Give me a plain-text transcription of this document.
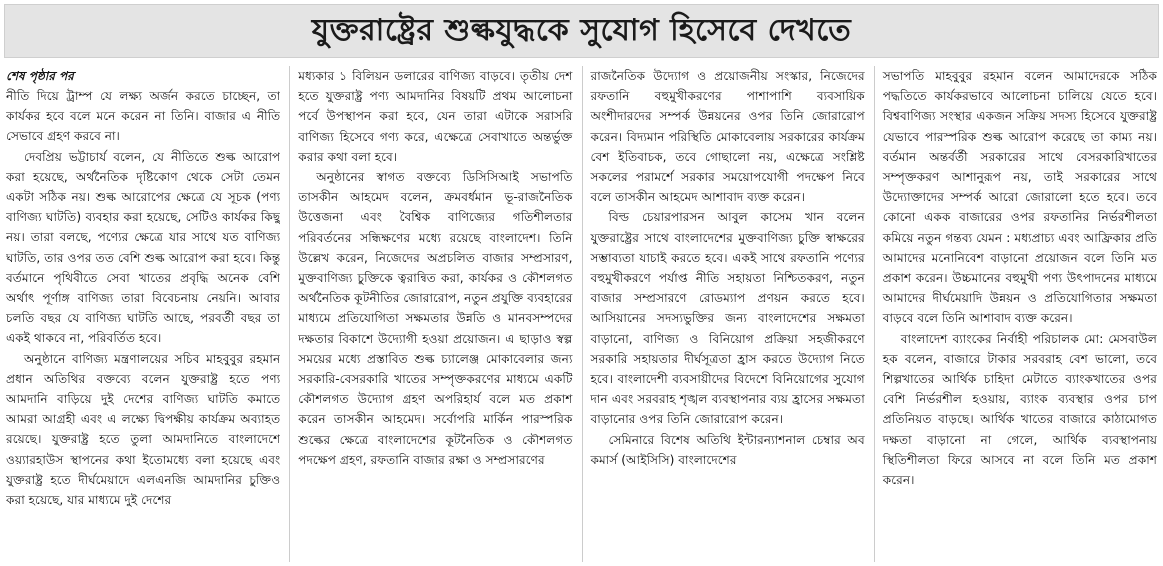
যুক্তরাষ্ট্রের শুল্কযুদ্ধকে সুযোগ হিসেবে দেখতে
শেষ পৃষ্ঠার পর

নীতি দিয়ে ট্রাম্প যে লক্ষ্য অর্জন করতে চাচ্ছেন, তা কার্যকর হবে বলে মনে করেন না তিনি। বাজার এ নীতি সেভাবে গ্রহণ করবে না।

দেবপ্রিয় ভট্টাচার্য বলেন, যে নীতিতে শুল্ক আরোপ করা হয়েছে, অর্থনৈতিক দৃষ্টিকোণ থেকে সেটা তেমন একটা সঠিক নয়। শুল্ক আরোপের ক্ষেত্রে যে সূচক (পণ্য বাণিজ্য ঘাটতি) ব্যবহার করা হয়েছে, সেটিও কার্যকর কিছু নয়। তারা বলছে, পণ্যের ক্ষেত্রে যার সাথে যত বাণিজ্য ঘাটতি, তার ওপর তত বেশি শুল্ক আরোপ করা হবে। কিন্তু বর্তমানে পৃথিবীতে সেবা খাতের প্রবৃদ্ধি অনেক বেশি অর্থাৎ পূর্ণাঙ্গ বাণিজ্য তারা বিবেচনায় নেয়নি। আবার চলতি বছর যে বাণিজ্য ঘাটতি আছে, পরবর্তী বছর তা একই থাকবে না, পরিবর্তিত হবে।

অনুষ্ঠানে বাণিজ্য মন্ত্রণালয়ের সচিব মাহবুবুর রহমান প্রধান অতিথির বক্তব্যে বলেন যুক্তরাষ্ট্র হতে পণ্য আমদানি বাড়িয়ে দুই দেশের বাণিজ্য ঘাটতি কমাতে আমরা আগ্রহী এবং এ লক্ষ্যে দ্বিপক্ষীয় কার্যক্রম অব্যাহত রয়েছে। যুক্তরাষ্ট্র হতে তুলা আমদানিতে বাংলাদেশে ওয়্যারহাউস স্থাপনের কথা ইতোমধ্যে বলা হয়েছে এবং যুক্তরাষ্ট্র হতে দীর্ঘমেয়াদে এলএনজি আমদানির চুক্তিও করা হয়েছে, যার মাধ্যমে দুই দেশের

মধ্যকার ১ বিলিয়ন ডলারের বাণিজ্য বাড়বে। তৃতীয় দেশ হতে যুক্তরাষ্ট্র পণ্য আমদানির বিষয়টি প্রথম আলোচনা পর্বে উপস্থাপন করা হবে, যেন তারা এটাকে সরাসরি বাণিজ্য হিসেবে গণ্য করে, এক্ষেত্রে সেবাখাতে অন্তর্ভুক্ত করার কথা বলা হবে।

অনুষ্ঠানের স্বাগত বক্তব্যে ডিসিসিআই সভাপতি তাসকীন আহমেদ বলেন, ক্রমবর্ধমান ভূ-রাজনৈতিক উত্তেজনা এবং বৈশ্বিক বাণিজ্যের গতিশীলতার পরিবর্তনের সন্ধিক্ষণের মধ্যে রয়েছে বাংলাদেশ। তিনি উল্লেখ করেন, নিজেদের অপ্রচলিত বাজার সম্প্রসারণ, মুক্তবাণিজ্য চুক্তিকে ত্বরান্বিত করা, কার্যকর ও কৌশলগত অর্থনৈতিক কূটনীতির জোরারোপ, নতুন প্রযুক্তি ব্যবহারের মাধ্যমে প্রতিযোগিতা সক্ষমতার উন্নতি ও মানবসম্পদের দক্ষতার বিকাশে উদ্যোগী হওয়া প্রয়োজন। এ ছাড়াও স্বল্প সময়ের মধ্যে প্রস্তাবিত শুল্ক চ্যালেঞ্জ মোকাবেলার জন্য সরকারি-বেসরকারি খাতের সম্পৃক্তকরণের মাধ্যমে একটি কৌশলগত উদ্যোগ গ্রহণ অপরিহার্য বলে মত প্রকাশ করেন তাসকীন আহমেদ। সর্বোপরি মার্কিন পারস্পরিক শুল্কের ক্ষেত্রে বাংলাদেশের কূটনৈতিক ও কৌশলগত পদক্ষেপ গ্রহণ, রফতানি বাজার রক্ষা ও সম্প্রসারণের

রাজনৈতিক উদ্যোগ ও প্রয়োজনীয় সংস্কার, নিজেদের রফতানি বহুমুখীকরণের পাশাপাশি ব্যবসায়িক অংশীদারদের সম্পর্ক উন্নয়নের ওপর তিনি জোরারোপ করেন। বিদ্যমান পরিস্থিতি মোকাবেলায় সরকারের কার্যক্রম বেশ ইতিবাচক, তবে গোছালো নয়, এক্ষেত্রে সংশ্লিষ্ট সকলের পরামর্শে সরকার সময়োপযোগী পদক্ষেপ নিবে বলে তাসকীন আহমেদ আশাবাদ ব্যক্ত করেন।

বিল্ড চেয়ারপারসন আবুল কাসেম খান বলেন যুক্তরাষ্ট্রের সাথে বাংলাদেশের মুক্তবাণিজ্য চুক্তি স্বাক্ষরের সম্ভাব্যতা যাচাই করতে হবে। একই সাথে রফতানি পণ্যের বহুমুখীকরণে পর্যাপ্ত নীতি সহায়তা নিশ্চিতকরণ, নতুন বাজার সম্প্রসারণে রোডম্যাপ প্রণয়ন করতে হবে। আসিয়ানের সদস্যভুক্তির জন্য বাংলাদেশের সক্ষমতা বাড়ানো, বাণিজ্য ও বিনিয়োগ প্রক্রিয়া সহজীকরণে সরকারি সহায়তার দীর্ঘসূত্রতা হ্রাস করতে উদ্যোগ নিতে হবে। বাংলাদেশী ব্যবসায়ীদের বিদেশে বিনিয়োগের সুযোগ দান এবং সরবরাহ শৃঙ্খল ব্যবস্থাপনার ব্যয় হ্রাসের সক্ষমতা বাড়ানোর ওপর তিনি জোরারোপ করেন।

সেমিনারে বিশেষ অতিথি ইন্টারন্যাশনাল চেম্বার অব কমার্স (আইসিসি) বাংলাদেশের

সভাপতি মাহবুবুর রহমান বলেন আমাদেরকে সঠিক পদ্ধতিতে কার্যকরভাবে আলোচনা চালিয়ে যেতে হবে। বিশ্ববাণিজ্য সংস্থার একজন সক্রিয় সদস্য হিসেবে যুক্তরাষ্ট্র যেভাবে পারস্পরিক শুল্ক আরোপ করেছে তা কাম্য নয়। বর্তমান অন্তর্বর্তী সরকারের সাথে বেসরকারিখাতের সম্পৃক্তকরণ আশানুরূপ নয়, তাই সরকারের সাথে উদ্যোক্তাদের সম্পর্ক আরো জোরালো হতে হবে। তবে কোনো একক বাজারের ওপর রফতানির নির্ভরশীলতা কমিয়ে নতুন গন্তব্য যেমন : মধ্যপ্রাচ্য এবং আফ্রিকার প্রতি আমাদের মনোনিবেশ বাড়ানো প্রয়োজন বলে তিনি মত প্রকাশ করেন। উচ্চমানের বহুমুখী পণ্য উৎপাদনের মাধ্যমে আমাদের দীর্ঘমেয়াদি উন্নয়ন ও প্রতিযোগিতার সক্ষমতা বাড়বে বলে তিনি আশাবাদ ব্যক্ত করেন।

বাংলাদেশ ব্যাংকের নির্বাহী পরিচালক মো: মেসবাউল হক বলেন, বাজারে টাকার সরবরাহ বেশ ভালো, তবে শিল্পখাতের আর্থিক চাহিদা মেটাতে ব্যাংকখাতের ওপর বেশি নির্ভরশীল হওয়ায়, ব্যাংক ব্যবস্থার ওপর চাপ প্রতিনিয়ত বাড়ছে। আর্থিক খাতের বাজারে কাঠামোগত দক্ষতা বাড়ানো না গেলে, আর্থিক ব্যবস্থাপনায় স্থিতিশীলতা ফিরে আসবে না বলে তিনি মত প্রকাশ করেন।
